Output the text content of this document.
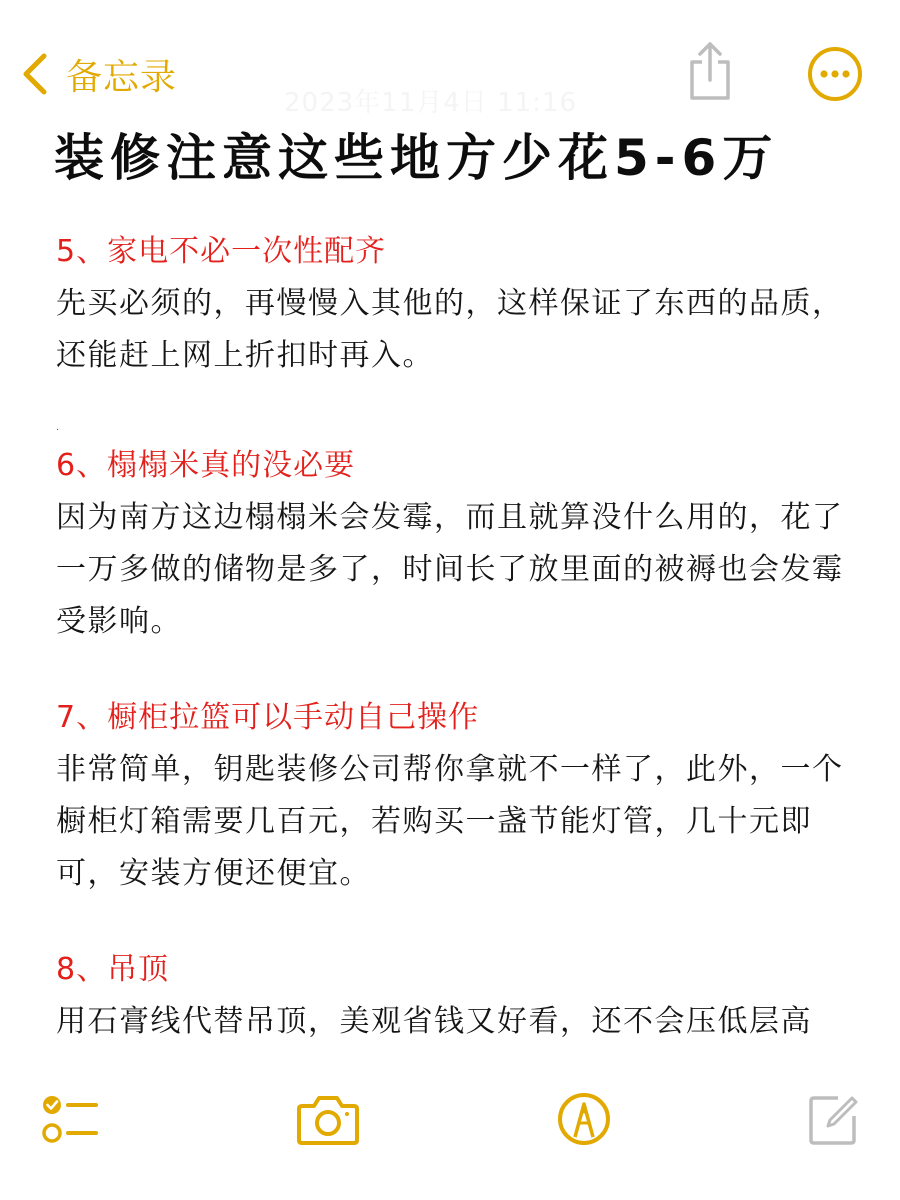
备忘录
2023年11月4日 11:16
装修注意这些地方少花5-6万
5、家电不必一次性配齐
先买必须的，再慢慢入其他的，这样保证了东西的品质，还能赶上网上折扣时再入。
.
6、榻榻米真的没必要
因为南方这边榻榻米会发霉，而且就算没什么用的，花了一万多做的储物是多了，时间长了放里面的被褥也会发霉受影响。
7、橱柜拉篮可以手动自己操作
非常简单，钥匙装修公司帮你拿就不一样了，此外，一个橱柜灯箱需要几百元，若购买一盏节能灯管，几十元即可，安装方便还便宜。
8、吊顶
用石膏线代替吊顶，美观省钱又好看，还不会压低层高
